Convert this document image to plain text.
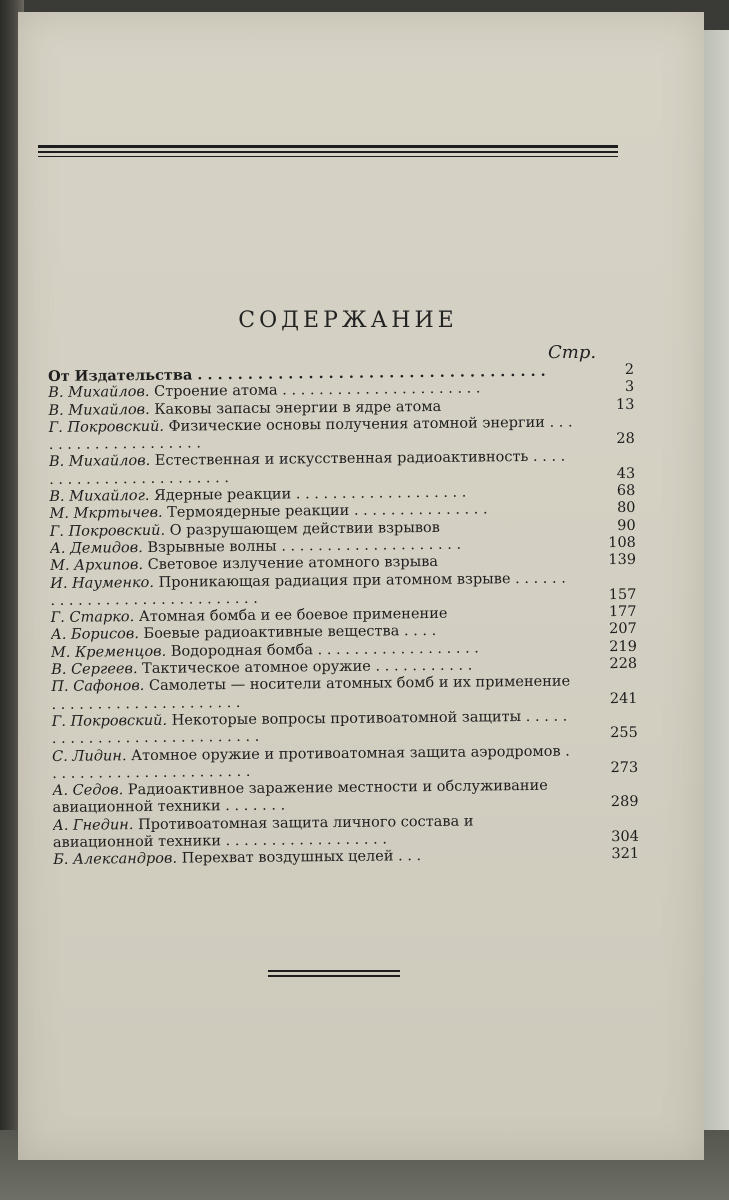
СОДЕРЖАНИЕ
Стр.
От Издательства . . . . . . . . . . . . . . . . . . . . . . . . . . . . . . . . . . .	2
В. Михайлов. Строение атома . . . . . . . . . . . . . . . . . . . . . .	3
В. Михайлов. Каковы запасы энергии в ядре атома	13
Г. Покровский. Физические основы получения атомной энергии . . . . . . . . . . . . . . . . . . . .	28
В. Михайлов. Естественная и искусственная радиоактивность . . . . . . . . . . . . . . . . . . . . . . . .	43
В. Михайлог. Ядерные реакции . . . . . . . . . . . . . . . . . . .	68
М. Мкртычев. Термоядерные реакции . . . . . . . . . . . . . . .	80
Г. Покровский. О разрушающем действии взрывов	90
А. Демидов. Взрывные волны . . . . . . . . . . . . . . . . . . . .	108
М. Архипов. Световое излучение атомного взрыва	139
И. Науменко. Проникающая радиация при атомном взрыве . . . . . . . . . . . . . . . . . . . . . . . . . . . . .	157
Г. Старко. Атомная бомба и ее боевое применение	177
А. Борисов. Боевые радиоактивные вещества . . . .	207
М. Кременцов. Водородная бомба . . . . . . . . . . . . . . . . . .	219
В. Сергеев. Тактическое атомное оружие . . . . . . . . . . .	228
П. Сафонов. Самолеты — носители атомных бомб и их применение . . . . . . . . . . . . . . . . . . . . .	241
Г. Покровский. Некоторые вопросы противоатомной защиты . . . . . . . . . . . . . . . . . . . . . . . . . . . .	255
С. Лидин. Атомное оружие и противоатомная защита аэродромов . . . . . . . . . . . . . . . . . . . . . . .	273
А. Седов. Радиоактивное заражение местности и обслуживание авиационной техники . . . . . . .	289
А. Гнедин. Противоатомная защита личного состава и авиационной техники . . . . . . . . . . . . . . . . . .	304
Б. Александров. Перехват воздушных целей . . .	321
